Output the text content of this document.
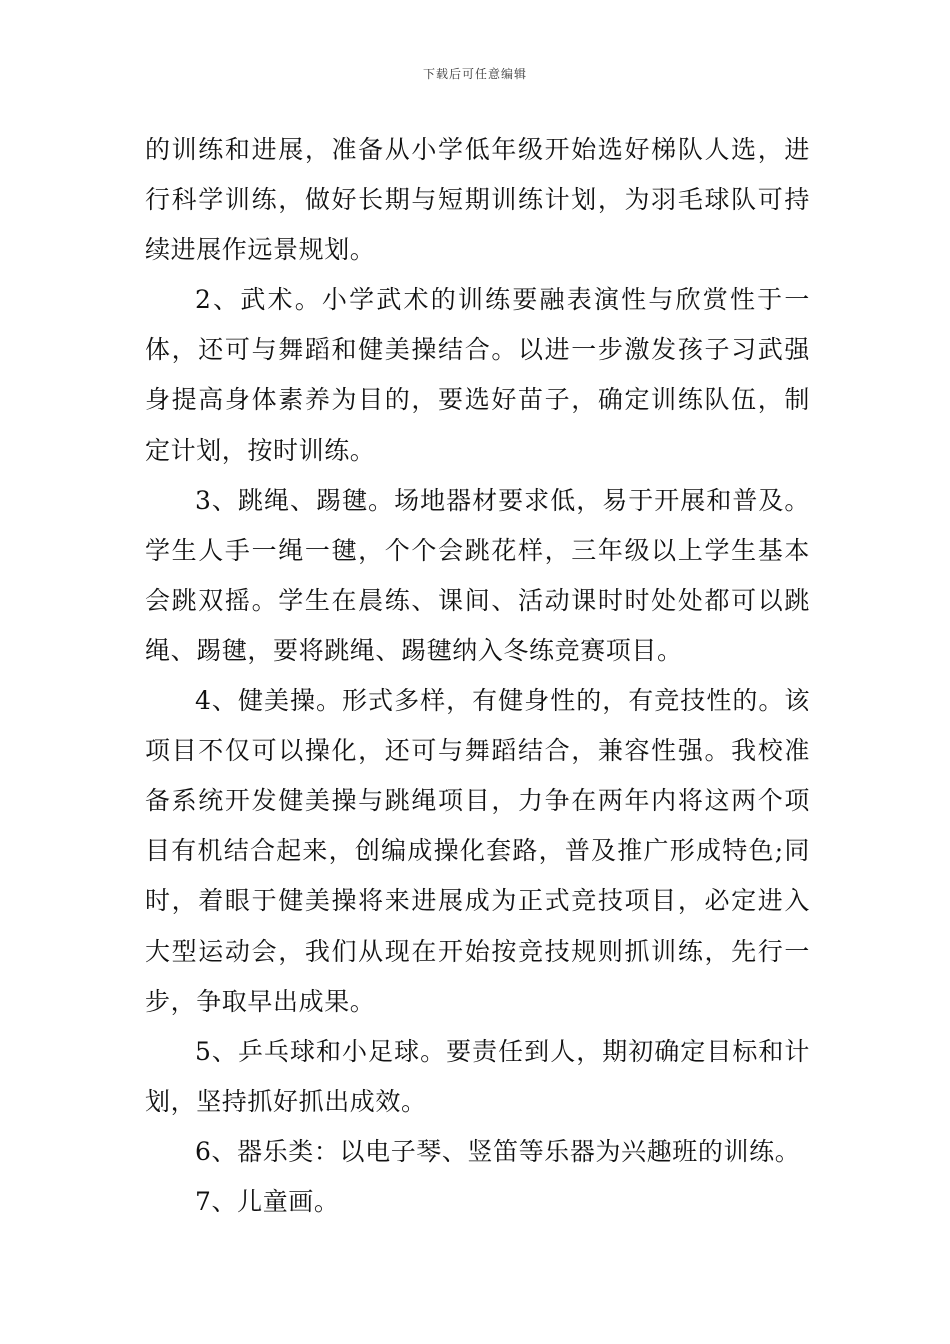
下载后可任意编辑

的训练和进展，准备从小学低年级开始选好梯队人选，进行科学训练，做好长期与短期训练计划，为羽毛球队可持续进展作远景规划。

2、武术。小学武术的训练要融表演性与欣赏性于一体，还可与舞蹈和健美操结合。以进一步激发孩子习武强身提高身体素养为目的，要选好苗子，确定训练队伍，制定计划，按时训练。

3、跳绳、踢毽。场地器材要求低，易于开展和普及。学生人手一绳一毽，个个会跳花样，三年级以上学生基本会跳双摇。学生在晨练、课间、活动课时时处处都可以跳绳、踢毽，要将跳绳、踢毽纳入冬练竞赛项目。

4、健美操。形式多样，有健身性的，有竞技性的。该项目不仅可以操化，还可与舞蹈结合，兼容性强。我校准备系统开发健美操与跳绳项目，力争在两年内将这两个项目有机结合起来，创编成操化套路，普及推广形成特色;同时，着眼于健美操将来进展成为正式竞技项目，必定进入大型运动会，我们从现在开始按竞技规则抓训练，先行一步，争取早出成果。

5、乒乓球和小足球。要责任到人，期初确定目标和计划，坚持抓好抓出成效。

6、器乐类：以电子琴、竖笛等乐器为兴趣班的训练。

7、儿童画。
